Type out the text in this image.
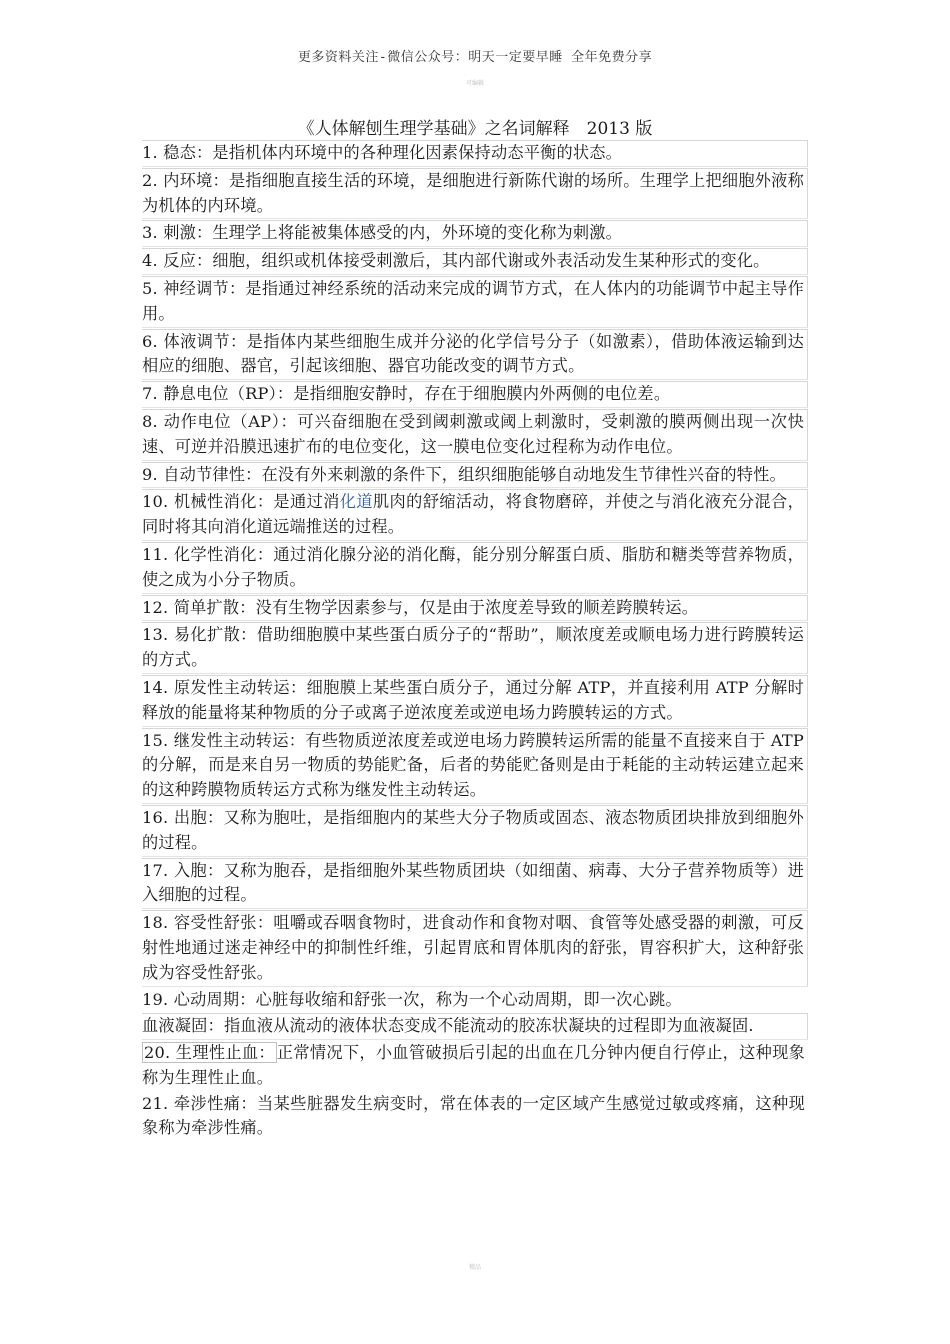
更多资料关注-微信公众号：明天一定要早睡 全年免费分享
可编辑
《人体解刨生理学基础》之名词解释　2013 版
1. 稳态：是指机体内环境中的各种理化因素保持动态平衡的状态。
2. 内环境：是指细胞直接生活的环境，是细胞进行新陈代谢的场所。生理学上把细胞外液称为机体的内环境。
3. 刺激：生理学上将能被集体感受的内，外环境的变化称为刺激。
4. 反应：细胞，组织或机体接受刺激后，其内部代谢或外表活动发生某种形式的变化。
5. 神经调节：是指通过神经系统的活动来完成的调节方式，在人体内的功能调节中起主导作用。
6. 体液调节：是指体内某些细胞生成并分泌的化学信号分子（如激素），借助体液运输到达相应的细胞、器官，引起该细胞、器官功能改变的调节方式。
7. 静息电位（RP）：是指细胞安静时，存在于细胞膜内外两侧的电位差。
8. 动作电位（AP）：可兴奋细胞在受到阈刺激或阈上刺激时，受刺激的膜两侧出现一次快速、可逆并沿膜迅速扩布的电位变化，这一膜电位变化过程称为动作电位。
9. 自动节律性：在没有外来刺激的条件下，组织细胞能够自动地发生节律性兴奋的特性。
10. 机械性消化：是通过消化道肌肉的舒缩活动，将食物磨碎，并使之与消化液充分混合，同时将其向消化道远端推送的过程。
11. 化学性消化：通过消化腺分泌的消化酶，能分别分解蛋白质、脂肪和糖类等营养物质，使之成为小分子物质。
12. 简单扩散：没有生物学因素参与，仅是由于浓度差导致的顺差跨膜转运。
13. 易化扩散：借助细胞膜中某些蛋白质分子的“帮助”，顺浓度差或顺电场力进行跨膜转运的方式。
14. 原发性主动转运：细胞膜上某些蛋白质分子，通过分解 ATP，并直接利用 ATP 分解时释放的能量将某种物质的分子或离子逆浓度差或逆电场力跨膜转运的方式。
15. 继发性主动转运：有些物质逆浓度差或逆电场力跨膜转运所需的能量不直接来自于 ATP 的分解，而是来自另一物质的势能贮备，后者的势能贮备则是由于耗能的主动转运建立起来的这种跨膜物质转运方式称为继发性主动转运。
16. 出胞：又称为胞吐，是指细胞内的某些大分子物质或固态、液态物质团块排放到细胞外的过程。
17. 入胞：又称为胞吞，是指细胞外某些物质团块（如细菌、病毒、大分子营养物质等）进入细胞的过程。
18. 容受性舒张：咀嚼或吞咽食物时，进食动作和食物对咽、食管等处感受器的刺激，可反射性地通过迷走神经中的抑制性纤维，引起胃底和胃体肌肉的舒张，胃容积扩大，这种舒张成为容受性舒张。
19. 心动周期：心脏每收缩和舒张一次，称为一个心动周期，即一次心跳。
血液凝固：指血液从流动的液体状态变成不能流动的胶冻状凝块的过程即为血液凝固.
20. 生理性止血： 正常情况下，小血管破损后引起的出血在几分钟内便自行停止，这种现象称为生理性止血。
21. 牵涉性痛：当某些脏器发生病变时，常在体表的一定区域产生感觉过敏或疼痛，这种现象称为牵涉性痛。
精品
